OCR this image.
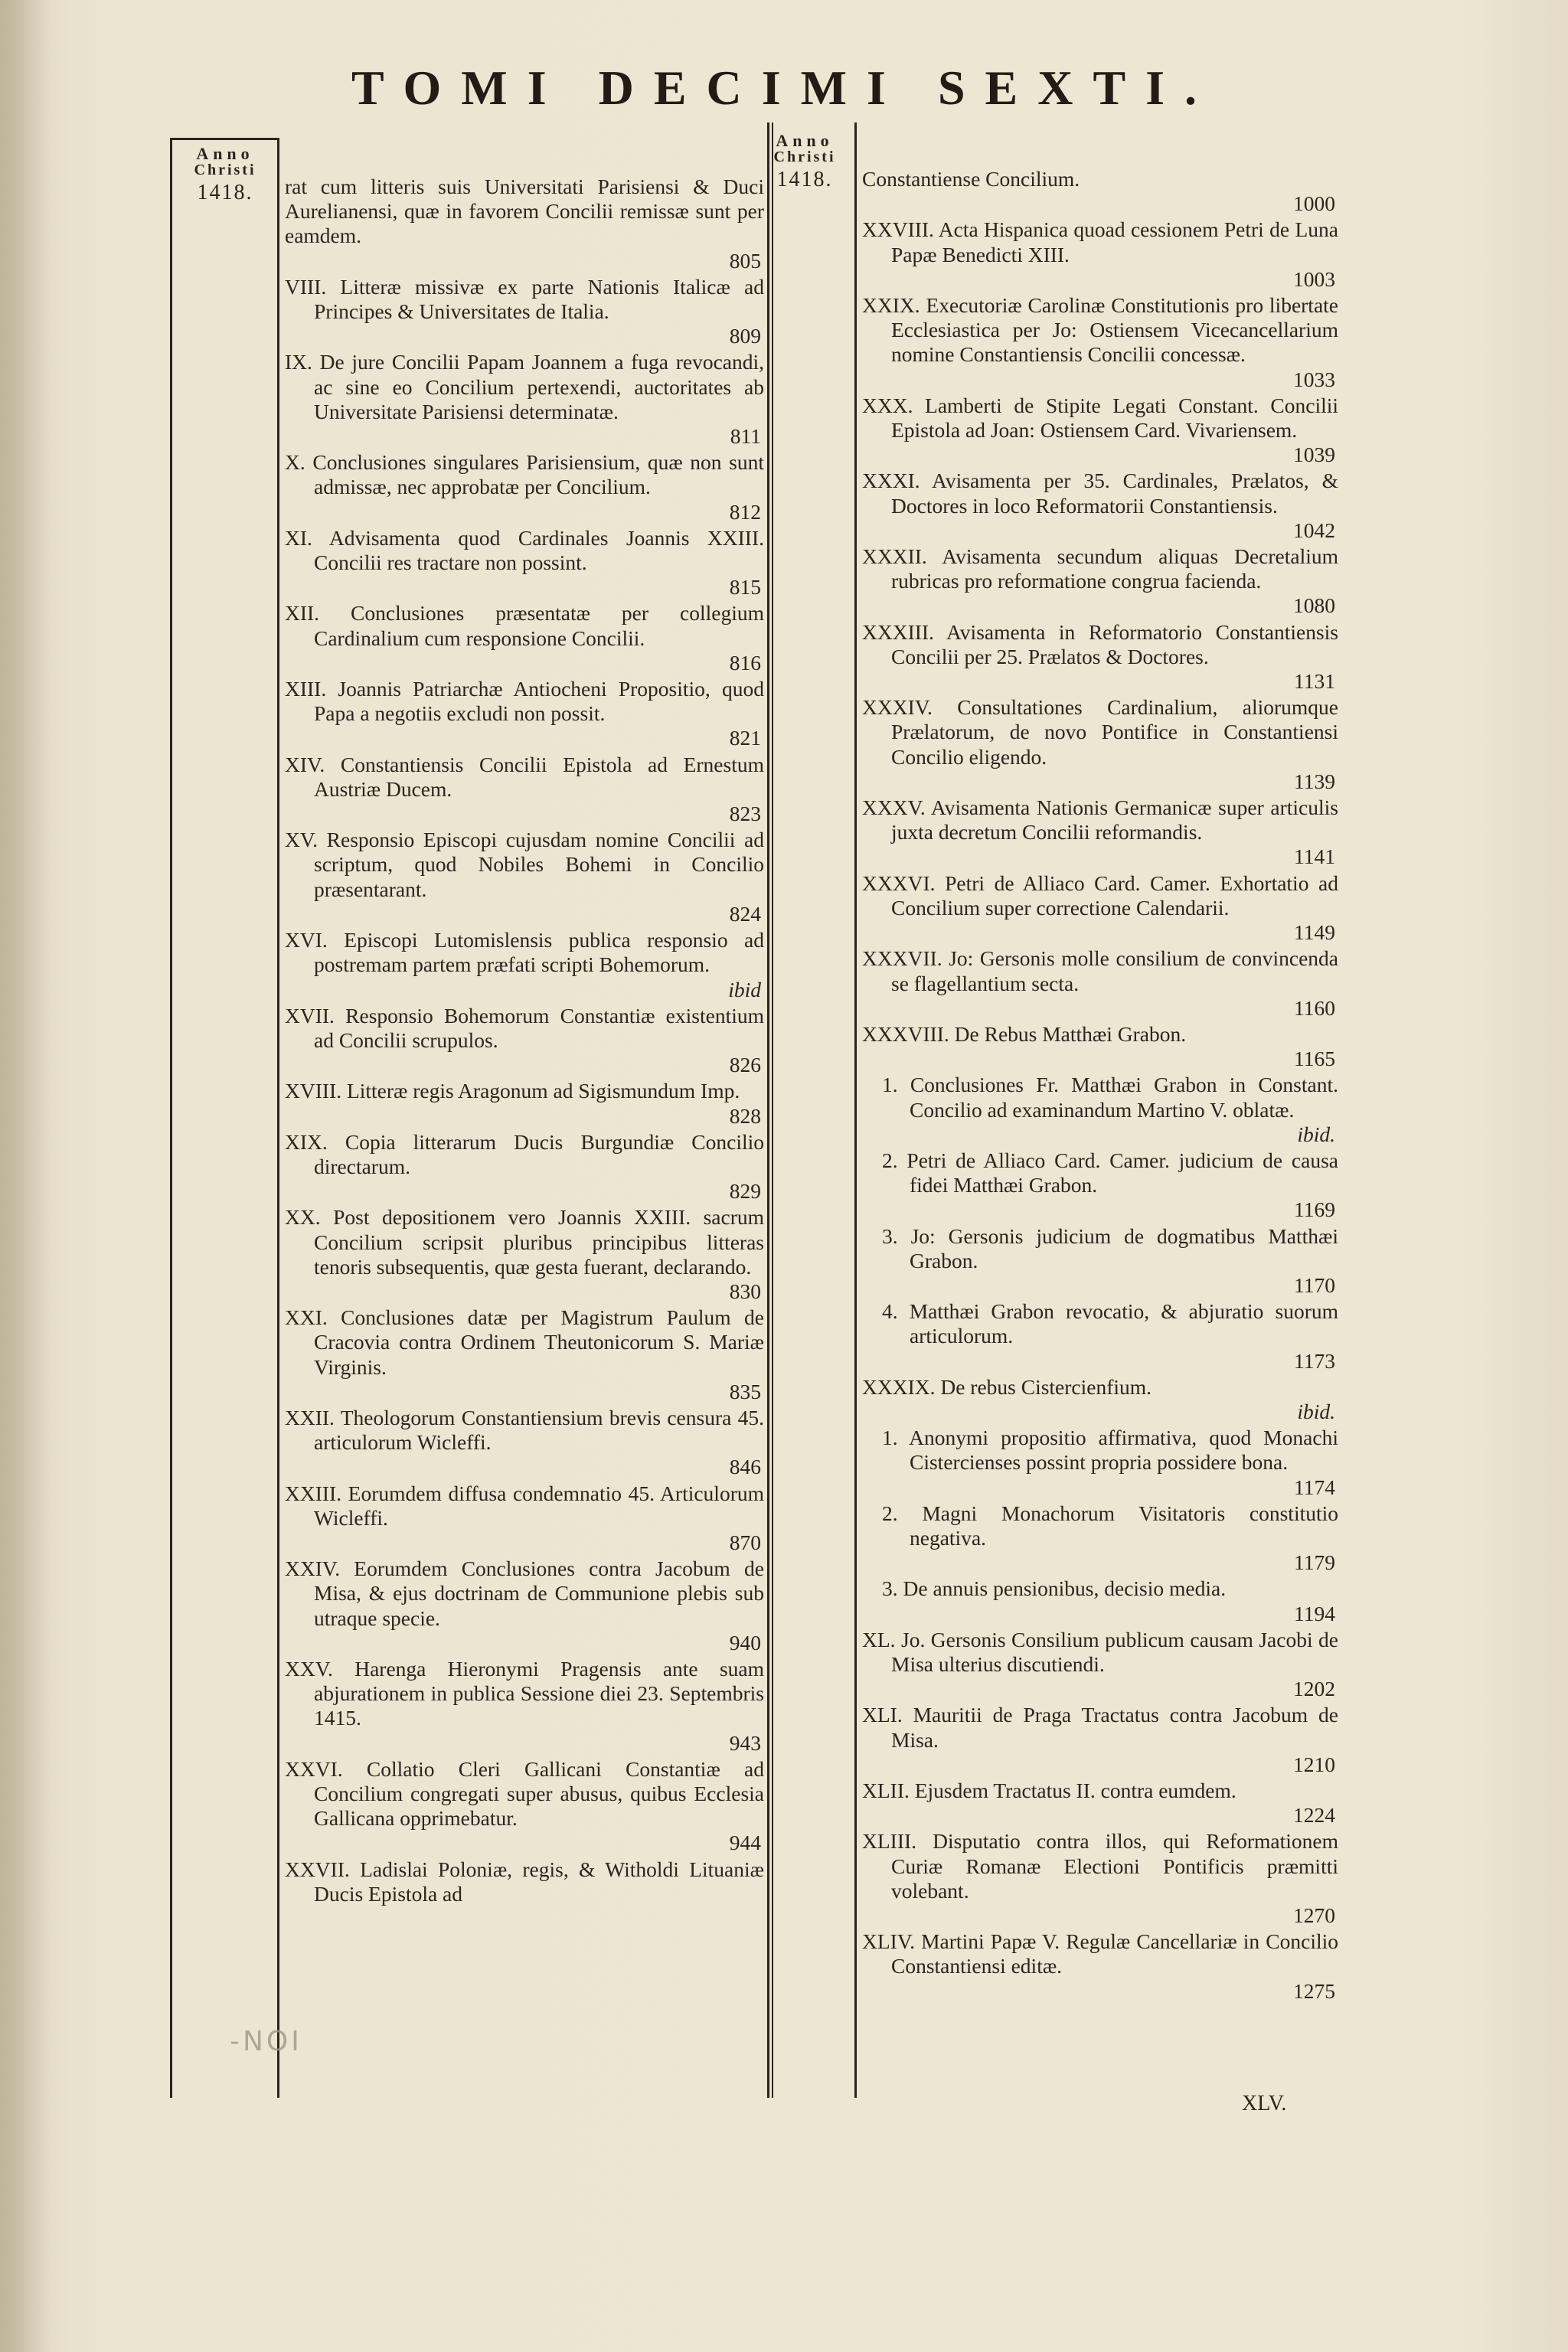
TOMI DECIMI SEXTI.
Anno
Christi
1418.
Anno
Christi
1418.
rat cum litteris suis Universitati Parisiensi & Duci Aurelianensi, quæ in favorem Concilii remissæ sunt per eamdem.
805
VIII. Litteræ missivæ ex parte Nationis Italicæ ad Principes & Universitates de Italia.
809
IX. De jure Concilii Papam Joannem a fuga revocandi, ac sine eo Concilium pertexendi, auctoritates ab Universitate Parisiensi determinatæ.
811
X. Conclusiones singulares Parisiensium, quæ non sunt admissæ, nec approbatæ per Concilium.
812
XI. Advisamenta quod Cardinales Joannis XXIII. Concilii res tractare non possint.
815
XII. Conclusiones præsentatæ per collegium Cardinalium cum responsione Concilii.
816
XIII. Joannis Patriarchæ Antiocheni Propositio, quod Papa a negotiis excludi non possit.
821
XIV. Constantiensis Concilii Epistola ad Ernestum Austriæ Ducem.
823
XV. Responsio Episcopi cujusdam nomine Concilii ad scriptum, quod Nobiles Bohemi in Concilio præsentarant.
824
XVI. Episcopi Lutomislensis publica responsio ad postremam partem præfati scripti Bohemorum.
ibid
XVII. Responsio Bohemorum Constantiæ existentium ad Concilii scrupulos.
826
XVIII. Litteræ regis Aragonum ad Sigismundum Imp.
828
XIX. Copia litterarum Ducis Burgundiæ Concilio directarum.
829
XX. Post depositionem vero Joannis XXIII. sacrum Concilium scripsit pluribus principibus litteras tenoris subsequentis, quæ gesta fuerant, declarando.
830
XXI. Conclusiones datæ per Magistrum Paulum de Cracovia contra Ordinem Theutonicorum S. Mariæ Virginis.
835
XXII. Theologorum Constantiensium brevis censura 45. articulorum Wicleffi.
846
XXIII. Eorumdem diffusa condemnatio 45. Articulorum Wicleffi.
870
XXIV. Eorumdem Conclusiones contra Jacobum de Misa, & ejus doctrinam de Communione plebis sub utraque specie.
940
XXV. Harenga Hieronymi Pragensis ante suam abjurationem in publica Sessione diei 23. Septembris 1415.
943
XXVI. Collatio Cleri Gallicani Constantiæ ad Concilium congregati super abusus, quibus Ecclesia Gallicana opprimebatur.
944
XXVII. Ladislai Poloniæ, regis, & Witholdi Lituaniæ Ducis Epistola ad
Constantiense Concilium.
1000
XXVIII. Acta Hispanica quoad cessionem Petri de Luna Papæ Benedicti XIII.
1003
XXIX. Executoriæ Carolinæ Constitutionis pro libertate Ecclesiastica per Jo: Ostiensem Vicecancellarium nomine Constantiensis Concilii concessæ.
1033
XXX. Lamberti de Stipite Legati Constant. Concilii Epistola ad Joan: Ostiensem Card. Vivariensem.
1039
XXXI. Avisamenta per 35. Cardinales, Prælatos, & Doctores in loco Reformatorii Constantiensis.
1042
XXXII. Avisamenta secundum aliquas Decretalium rubricas pro reformatione congrua facienda.
1080
XXXIII. Avisamenta in Reformatorio Constantiensis Concilii per 25. Prælatos & Doctores.
1131
XXXIV. Consultationes Cardinalium, aliorumque Prælatorum, de novo Pontifice in Constantiensi Concilio eligendo.
1139
XXXV. Avisamenta Nationis Germanicæ super articulis juxta decretum Concilii reformandis.
1141
XXXVI. Petri de Alliaco Card. Camer. Exhortatio ad Concilium super correctione Calendarii.
1149
XXXVII. Jo: Gersonis molle consilium de convincenda se flagellantium secta.
1160
XXXVIII. De Rebus Matthæi Grabon.
1165
1. Conclusiones Fr. Matthæi Grabon in Constant. Concilio ad examinandum Martino V. oblatæ.
ibid.
2. Petri de Alliaco Card. Camer. judicium de causa fidei Matthæi Grabon.
1169
3. Jo: Gersonis judicium de dogmatibus Matthæi Grabon.
1170
4. Matthæi Grabon revocatio, & abjuratio suorum articulorum.
1173
XXXIX. De rebus Cistercienfium.
ibid.
1. Anonymi propositio affirmativa, quod Monachi Cistercienses possint propria possidere bona.
1174
2. Magni Monachorum Visitatoris constitutio negativa.
1179
3. De annuis pensionibus, decisio media.
1194
XL. Jo. Gersonis Consilium publicum causam Jacobi de Misa ulterius discutiendi.
1202
XLI. Mauritii de Praga Tractatus contra Jacobum de Misa.
1210
XLII. Ejusdem Tractatus II. contra eumdem.
1224
XLIII. Disputatio contra illos, qui Reformationem Curiæ Romanæ Electioni Pontificis præmitti volebant.
1270
XLIV. Martini Papæ V. Regulæ Cancellariæ in Concilio Constantiensi editæ.
1275
-NOI
XLV.
